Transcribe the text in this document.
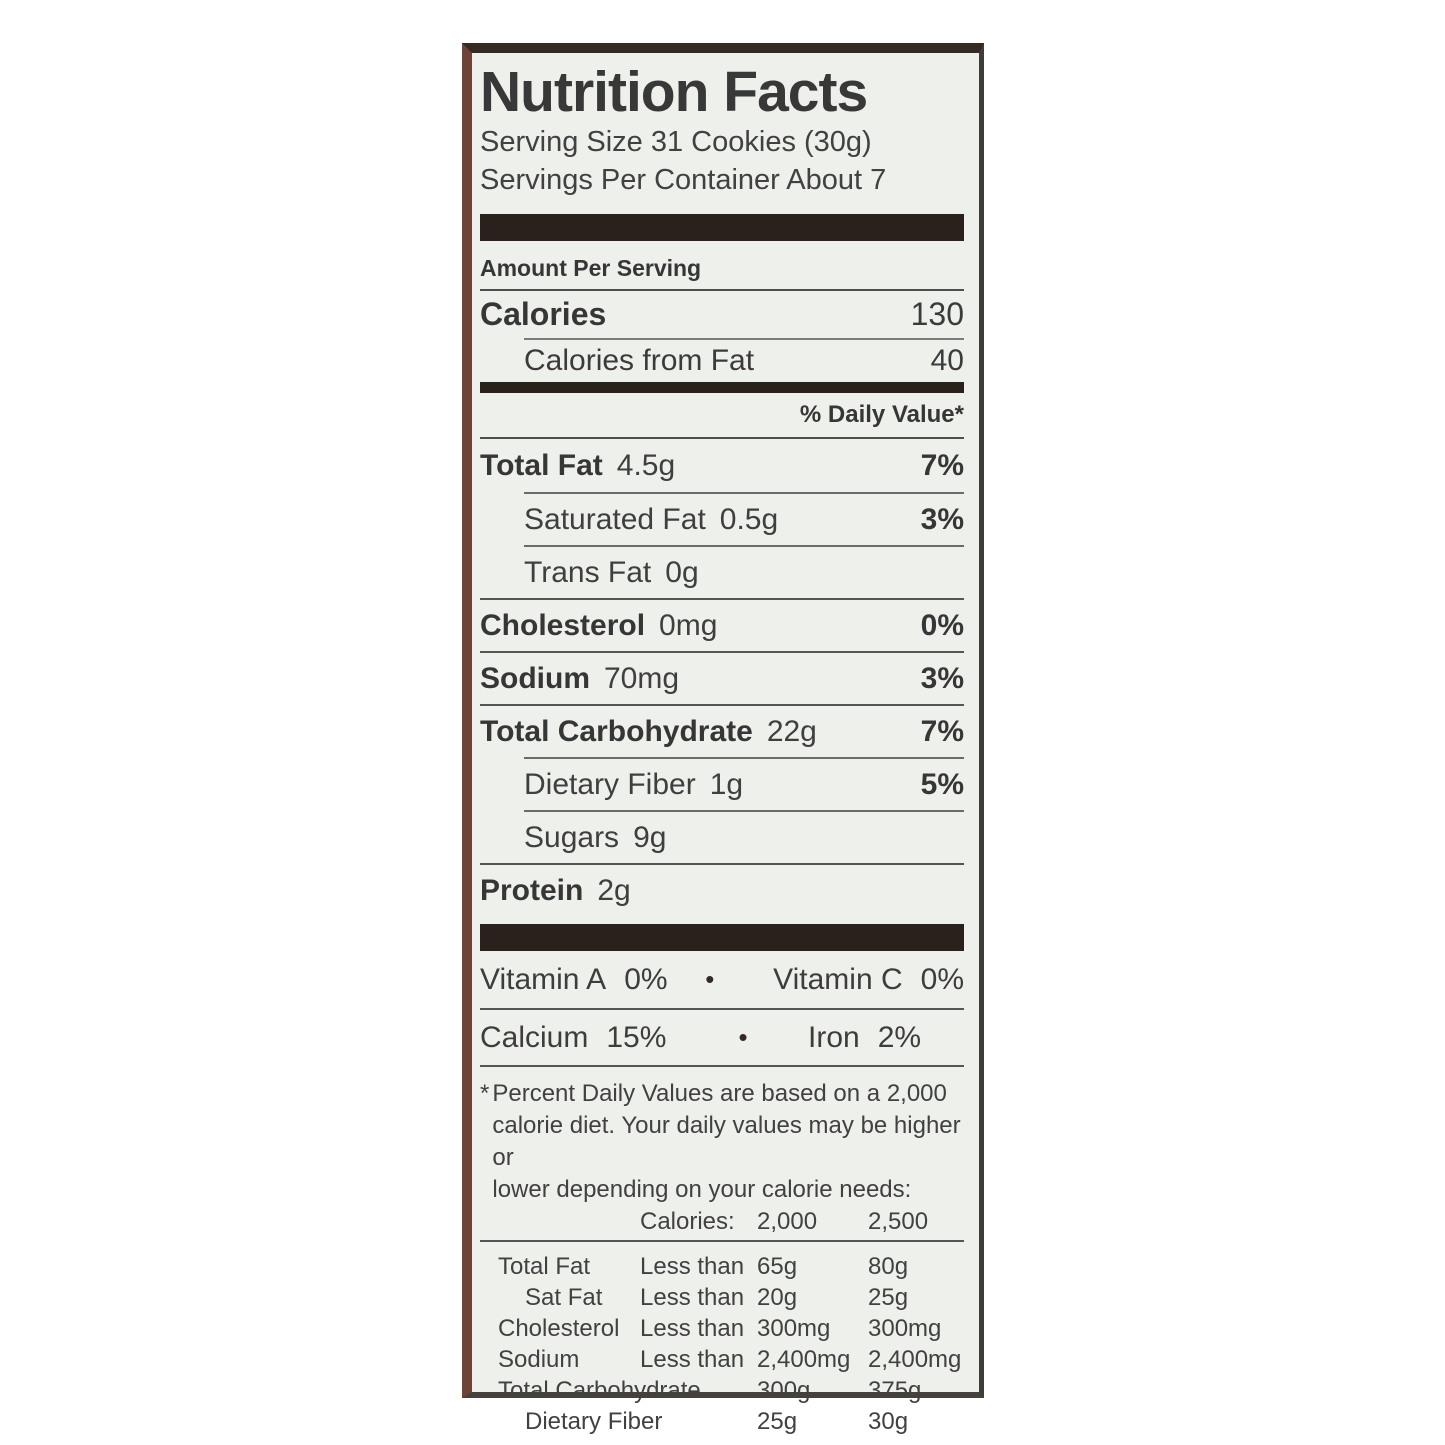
Nutrition Facts
Serving Size 31 Cookies (30g)
Servings Per Container About 7
Amount Per Serving
Calories	130
Calories from Fat	40
% Daily Value*
Total Fat 4.5g	7%
Saturated Fat 0.5g	3%
Trans Fat 0g
Cholesterol 0mg	0%
Sodium 70mg	3%
Total Carbohydrate 22g	7%
Dietary Fiber 1g	5%
Sugars 9g
Protein 2g
Vitamin A 0% • Vitamin C 0%
Calcium 15%	• Iron 2%
* Percent Daily Values are based on a 2,000
calorie diet. Your daily values may be higher or
lower depending on your calorie needs:
Calories: 2,000	2,500
Total Fat	Less than 65g	80g
Sat Fat	Less than 20g	25g
Cholesterol Less than 300mg	300mg
Sodium	Less than 2,400mg 2,400mg
Total Carbohydrate	300g	375g
Dietary Fiber	25g	30g
